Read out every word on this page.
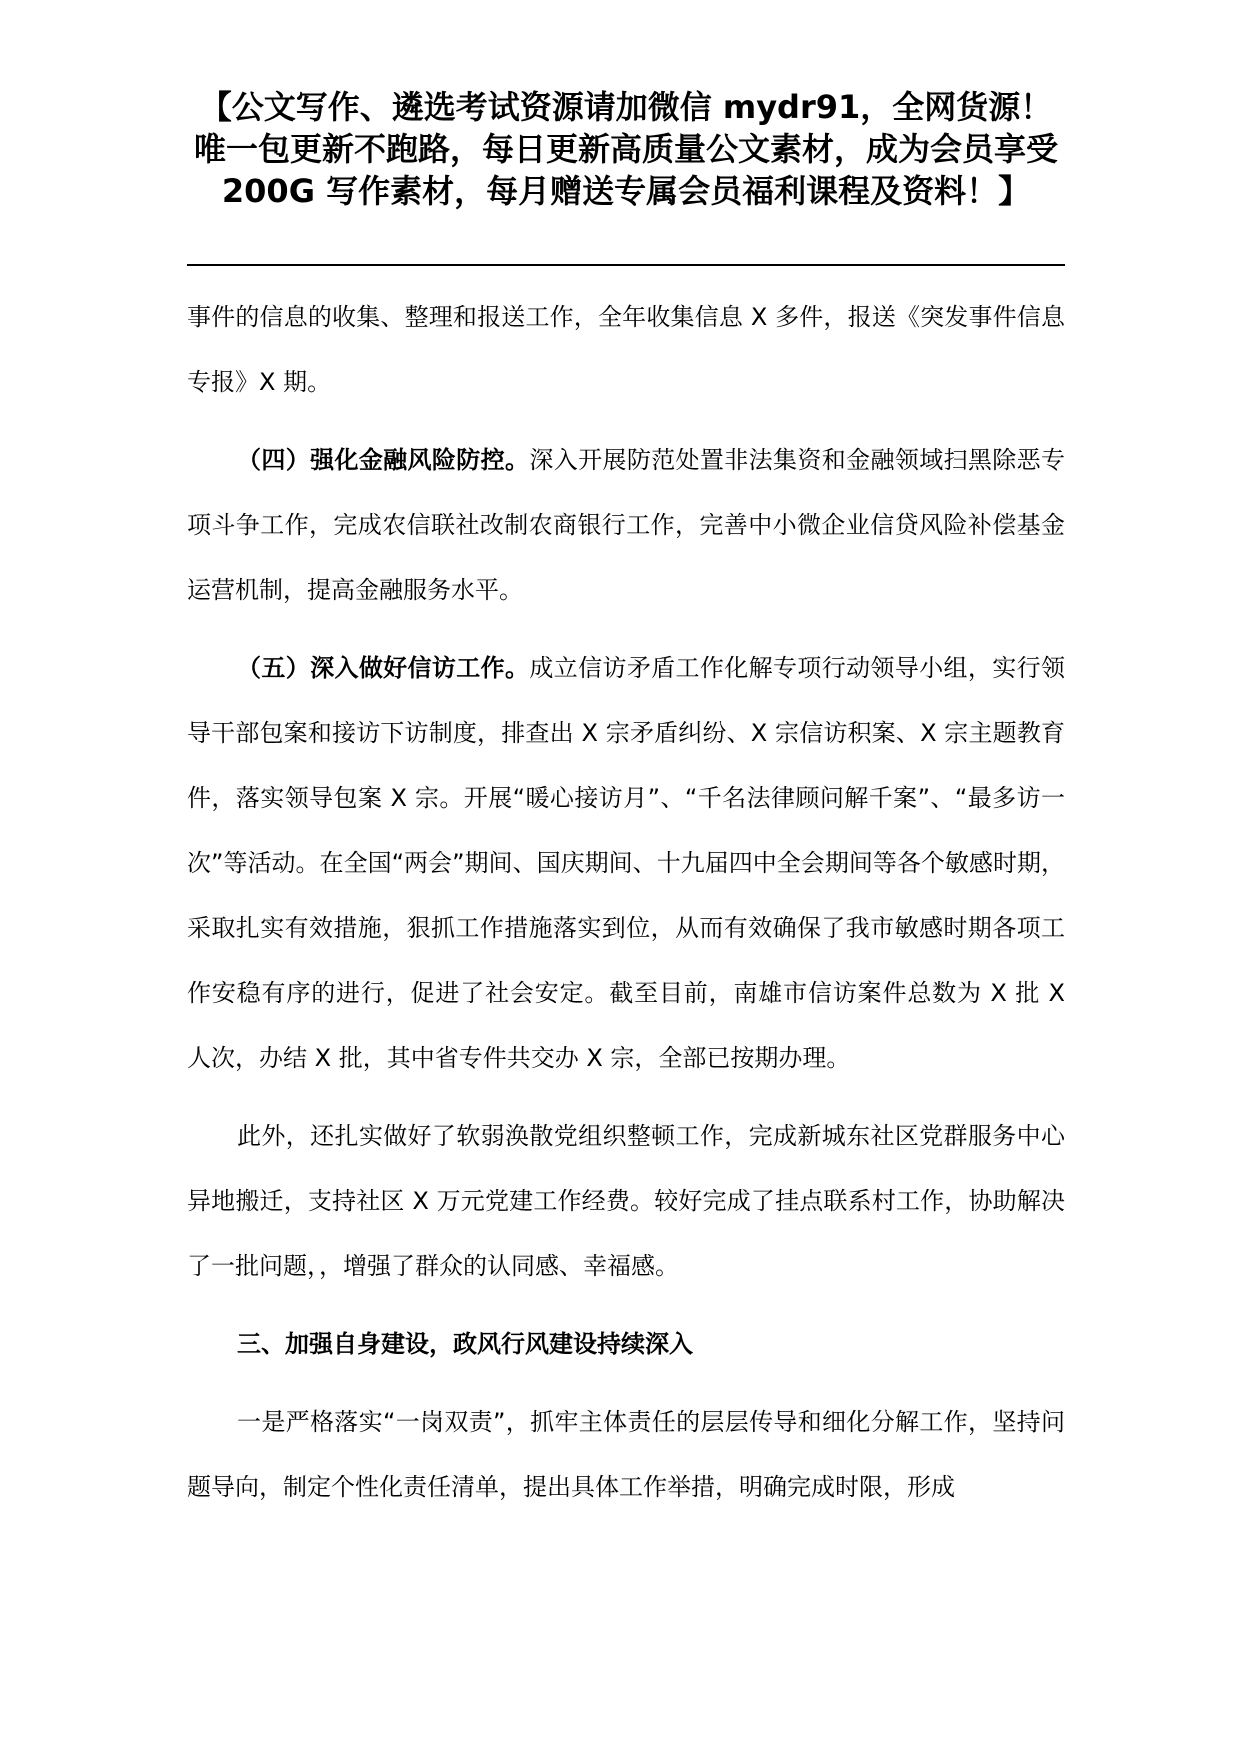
【公文写作、遴选考试资源请加微信 mydr91，全网货源！唯一包更新不跑路，每日更新高质量公文素材，成为会员享受 200G 写作素材，每月赠送专属会员福利课程及资料！】

事件的信息的收集、整理和报送工作，全年收集信息 X 多件，报送《突发事件信息专报》X 期。

（四）强化金融风险防控。深入开展防范处置非法集资和金融领域扫黑除恶专项斗争工作，完成农信联社改制农商银行工作，完善中小微企业信贷风险补偿基金运营机制，提高金融服务水平。

（五）深入做好信访工作。成立信访矛盾工作化解专项行动领导小组，实行领导干部包案和接访下访制度，排查出 X 宗矛盾纠纷、X 宗信访积案、X 宗主题教育件，落实领导包案 X 宗。开展“暖心接访月”、“千名法律顾问解千案”、“最多访一次”等活动。在全国“两会”期间、国庆期间、十九届四中全会期间等各个敏感时期，采取扎实有效措施，狠抓工作措施落实到位，从而有效确保了我市敏感时期各项工作安稳有序的进行，促进了社会安定。截至目前，南雄市信访案件总数为 X 批 X 人次，办结 X 批，其中省专件共交办 X 宗，全部已按期办理。

此外，还扎实做好了软弱涣散党组织整顿工作，完成新城东社区党群服务中心异地搬迁，支持社区 X 万元党建工作经费。较好完成了挂点联系村工作，协助解决了一批问题，，增强了群众的认同感、幸福感。

三、加强自身建设，政风行风建设持续深入

一是严格落实“一岗双责”，抓牢主体责任的层层传导和细化分解工作，坚持问题导向，制定个性化责任清单，提出具体工作举措，明确完成时限，形成
